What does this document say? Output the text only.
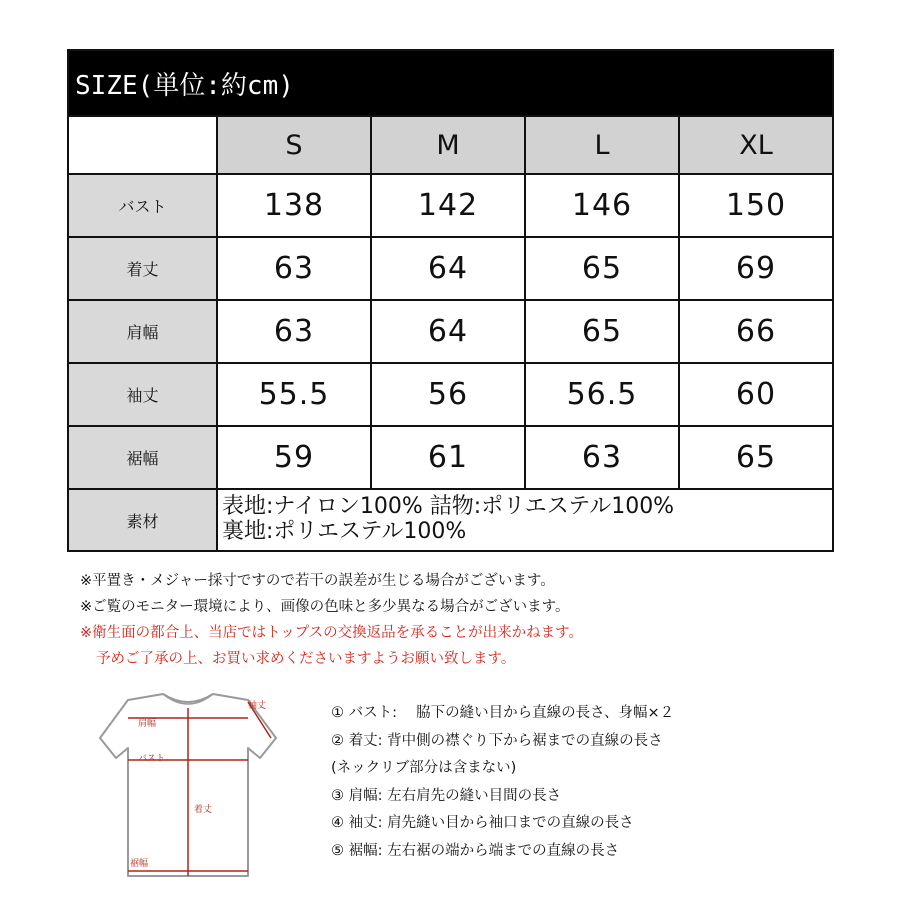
SIZE(単位:約cm)				
	S	M	L	XL
バスト	138	142	146	150
着丈	63	64	65	69
肩幅	63	64	65	66
袖丈	55.5	56	56.5	60
裾幅	59	61	63	65
素材	表地:ナイロン100% 詰物:ポリエステル100%
裏地:ポリエステル100%			
※平置き・メジャー採寸ですので若干の誤差が生じる場合がございます。
※ご覧のモニター環境により、画像の色味と多少異なる場合がございます。
※衛生面の都合上、当店ではトップスの交換返品を承ることが出来かねます。
予めご了承の上、お買い求めくださいますようお願い致します。
袖丈
肩幅
バスト
着丈
裾幅
① バスト:　 脇下の縫い目から直線の長さ、身幅×２
② 着丈: 背中側の襟ぐり下から裾までの直線の長さ
(ネックリブ部分は含まない)
③ 肩幅: 左右肩先の縫い目間の長さ
④ 袖丈: 肩先縫い目から袖口までの直線の長さ
⑤ 裾幅: 左右裾の端から端までの直線の長さ
